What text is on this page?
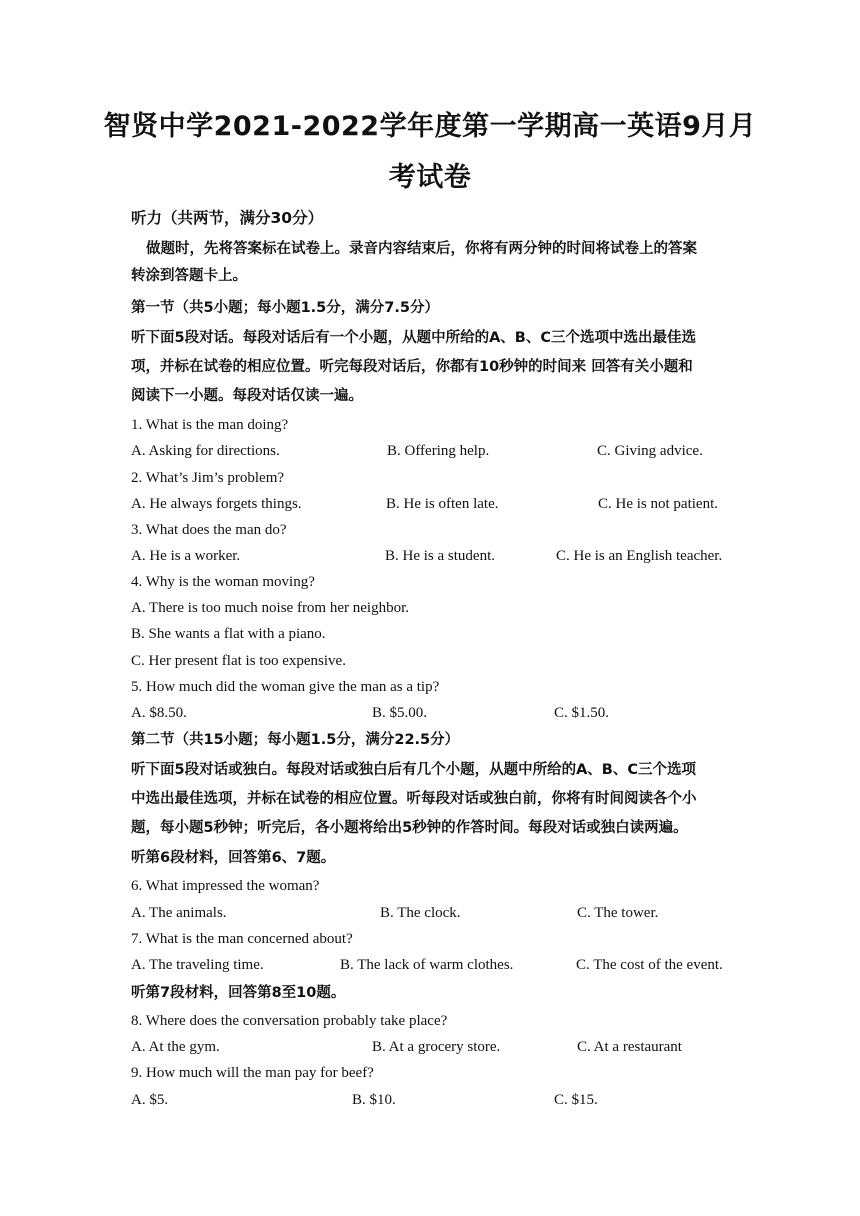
智贤中学2021-2022学年度第一学期高一英语9月月
考试卷
听力（共两节，满分30分）
做题时，先将答案标在试卷上。录音内容结束后，你将有两分钟的时间将试卷上的答案
转涂到答题卡上。
第一节（共5小题；每小题1.5分，满分7.5分）
听下面5段对话。每段对话后有一个小题，从题中所给的A、B、C三个选项中选出最佳选
项，并标在试卷的相应位置。听完每段对话后，你都有10秒钟的时间来 回答有关小题和
阅读下一小题。每段对话仅读一遍。
1. What is the man doing?
A. Asking for directions.	B. Offering help.	C. Giving advice.
2. What’s Jim’s problem?
A. He always forgets things.	B. He is often late.	C. He is not patient.
3. What does the man do?
A. He is a worker.	B. He is a student.	C. He is an English teacher.
4. Why is the woman moving?
A. There is too much noise from her neighbor.
B. She wants a flat with a piano.
C. Her present flat is too expensive.
5. How much did the woman give the man as a tip?
A. $8.50.	B. $5.00.	C. $1.50.
第二节（共15小题；每小题1.5分，满分22.5分）
听下面5段对话或独白。每段对话或独白后有几个小题，从题中所给的A、B、C三个选项
中选出最佳选项，并标在试卷的相应位置。听每段对话或独白前，你将有时间阅读各个小
题，每小题5秒钟；听完后，各小题将给出5秒钟的作答时间。每段对话或独白读两遍。
听第6段材料，回答第6、7题。
6. What impressed the woman?
A. The animals.	B. The clock.	C. The tower.
7. What is the man concerned about?
A. The traveling time.	B. The lack of warm clothes.	C. The cost of the event.
听第7段材料，回答第8至10题。
8. Where does the conversation probably take place?
A. At the gym.	B. At a grocery store.	C. At a restaurant
9. How much will the man pay for beef?
A. $5.	B. $10.	C. $15.
